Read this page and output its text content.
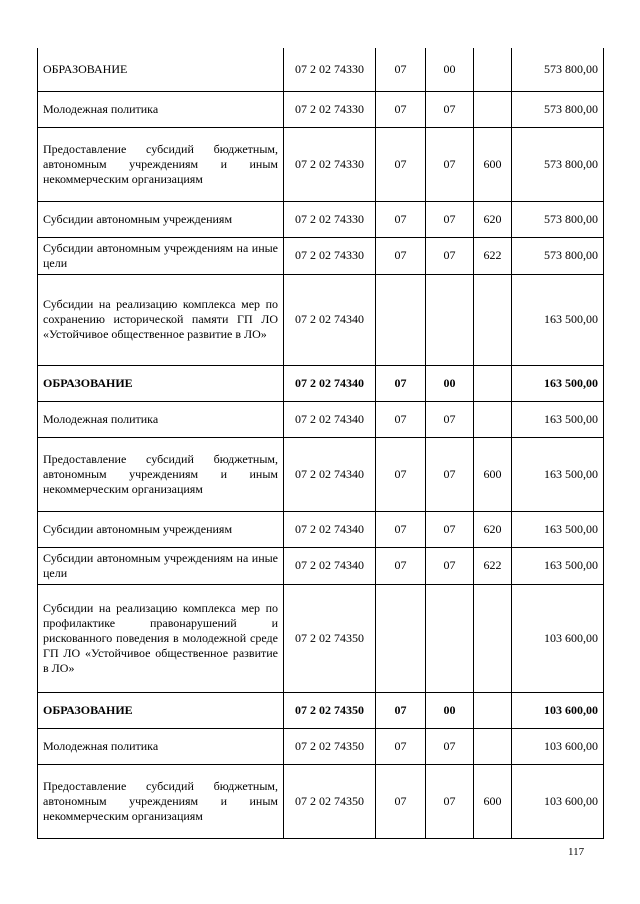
ОБРАЗОВАНИЕ	07 2 02 74330	07	00		573 800,00
Молодежная политика	07 2 02 74330	07	07		573 800,00
Предоставление субсидий бюджетным, автономным учреждениям и иным некоммерческим организациям	07 2 02 74330	07	07	600	573 800,00
Субсидии автономным учреждениям	07 2 02 74330	07	07	620	573 800,00
Субсидии автономным учреждениям на иные цели	07 2 02 74330	07	07	622	573 800,00
Субсидии на реализацию комплекса мер по сохранению исторической памяти ГП ЛО «Устойчивое общественное развитие в ЛО»	07 2 02 74340				163 500,00
ОБРАЗОВАНИЕ	07 2 02 74340	07	00		163 500,00
Молодежная политика	07 2 02 74340	07	07		163 500,00
Предоставление субсидий бюджетным, автономным учреждениям и иным некоммерческим организациям	07 2 02 74340	07	07	600	163 500,00
Субсидии автономным учреждениям	07 2 02 74340	07	07	620	163 500,00
Субсидии автономным учреждениям на иные цели	07 2 02 74340	07	07	622	163 500,00
Субсидии на реализацию комплекса мер по профилактике правонарушений и рискованного поведения в молодежной среде ГП ЛО «Устойчивое общественное развитие в ЛО»	07 2 02 74350				103 600,00
ОБРАЗОВАНИЕ	07 2 02 74350	07	00		103 600,00
Молодежная политика	07 2 02 74350	07	07		103 600,00
Предоставление субсидий бюджетным, автономным учреждениям и иным некоммерческим организациям	07 2 02 74350	07	07	600	103 600,00
117
